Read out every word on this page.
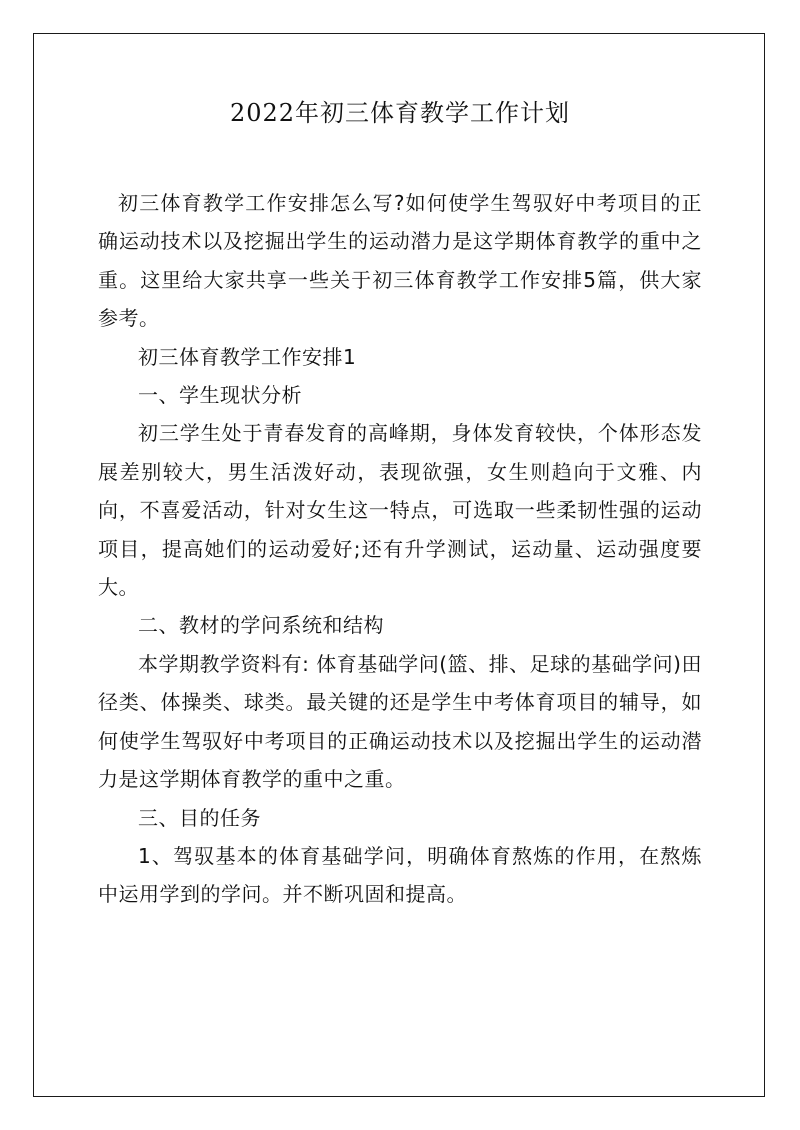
2022年初三体育教学工作计划

初三体育教学工作安排怎么写?如何使学生驾驭好中考项目的正确运动技术以及挖掘出学生的运动潜力是这学期体育教学的重中之重。这里给大家共享一些关于初三体育教学工作安排5篇，供大家参考。

初三体育教学工作安排1

一、学生现状分析

初三学生处于青春发育的高峰期，身体发育较快，个体形态发展差别较大，男生活泼好动，表现欲强，女生则趋向于文雅、内向，不喜爱活动，针对女生这一特点，可选取一些柔韧性强的运动项目，提高她们的运动爱好;还有升学测试，运动量、运动强度要大。

二、教材的学问系统和结构

本学期教学资料有: 体育基础学问(篮、排、足球的基础学问)田径类、体操类、球类。最关键的还是学生中考体育项目的辅导，如何使学生驾驭好中考项目的正确运动技术以及挖掘出学生的运动潜力是这学期体育教学的重中之重。

三、目的任务

1、驾驭基本的体育基础学问，明确体育熬炼的作用，在熬炼中运用学到的学问。并不断巩固和提高。
